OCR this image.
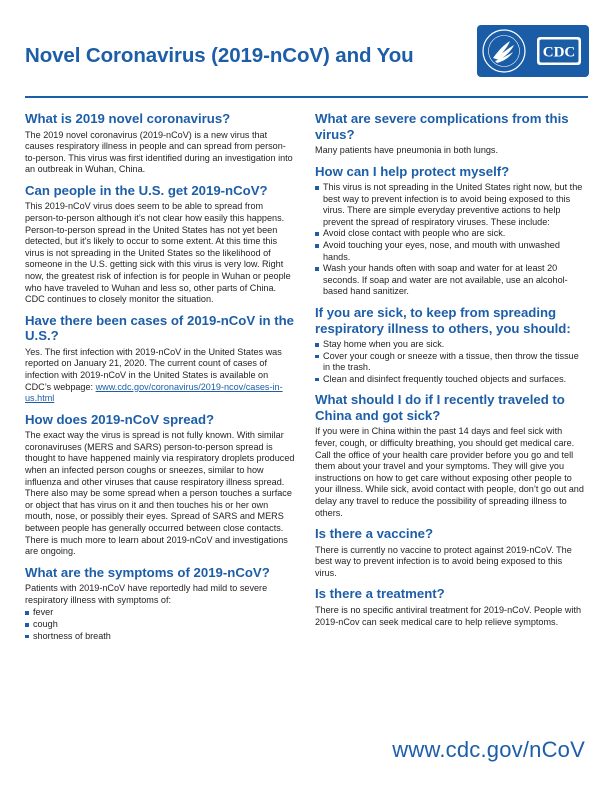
Novel Coronavirus (2019-nCoV) and You	CDC
What is 2019 novel coronavirus?

The 2019 novel coronavirus (2019-nCoV) is a new virus that causes respiratory illness in people and can spread from person-to-person. This virus was first identified during an investigation into an outbreak in Wuhan, China.

Can people in the U.S. get 2019-nCoV?

This 2019-nCoV virus does seem to be able to spread from person-to-person although it’s not clear how easily this happens. Person-to-person spread in the United States has not yet been detected, but it’s likely to occur to some extent. At this time this virus is not spreading in the United States so the likelihood of someone in the U.S. getting sick with this virus is very low. Right now, the greatest risk of infection is for people in Wuhan or people who have traveled to Wuhan and less so, other parts of China. CDC continues to closely monitor the situation.

Have there been cases of 2019-nCoV in the U.S.?

Yes. The first infection with 2019-nCoV in the United States was reported on January 21, 2020. The current count of cases of infection with 2019-nCoV in the United States is available on CDC’s webpage: www.cdc.gov/coronavirus/2019-ncov/cases-in-us.html

How does 2019-nCoV spread?

The exact way the virus is spread is not fully known. With similar coronaviruses (MERS and SARS) person-to-person spread is thought to have happened mainly via respiratory droplets produced when an infected person coughs or sneezes, similar to how influenza and other viruses that cause respiratory illness spread. There also may be some spread when a person touches a surface or object that has virus on it and then touches his or her own mouth, nose, or possibly their eyes. Spread of SARS and MERS between people has generally occurred between close contacts. There is much more to learn about 2019-nCoV and investigations are ongoing.

What are the symptoms of 2019-nCoV?

Patients with 2019-nCoV have reportedly had mild to severe respiratory illness with symptoms of:

fever
cough
shortness of breath
What are severe complications from this virus?

Many patients have pneumonia in both lungs.

How can I help protect myself?
This virus is not spreading in the United States right now, but the best way to prevent infection is to avoid being exposed to this virus. There are simple everyday preventive actions to help prevent the spread of respiratory viruses. These include:
Avoid close contact with people who are sick.
Avoid touching your eyes, nose, and mouth with unwashed hands.
Wash your hands often with soap and water for at least 20 seconds. If soap and water are not available, use an alcohol-based hand sanitizer.
If you are sick, to keep from spreading respiratory illness to others, you should:
Stay home when you are sick.
Cover your cough or sneeze with a tissue, then throw the tissue in the trash.
Clean and disinfect frequently touched objects and surfaces.
What should I do if I recently traveled to China and got sick?

If you were in China within the past 14 days and feel sick with fever, cough, or difficulty breathing, you should get medical care. Call the office of your health care provider before you go and tell them about your travel and your symptoms. They will give you instructions on how to get care without exposing other people to your illness. While sick, avoid contact with people, don’t go out and delay any travel to reduce the possibility of spreading illness to others.

Is there a vaccine?

There is currently no vaccine to protect against 2019-nCoV. The best way to prevent infection is to avoid being exposed to this virus.

Is there a treatment?

There is no specific antiviral treatment for 2019-nCoV. People with 2019-nCov can seek medical care to help relieve symptoms.

www.cdc.gov/nCoV
